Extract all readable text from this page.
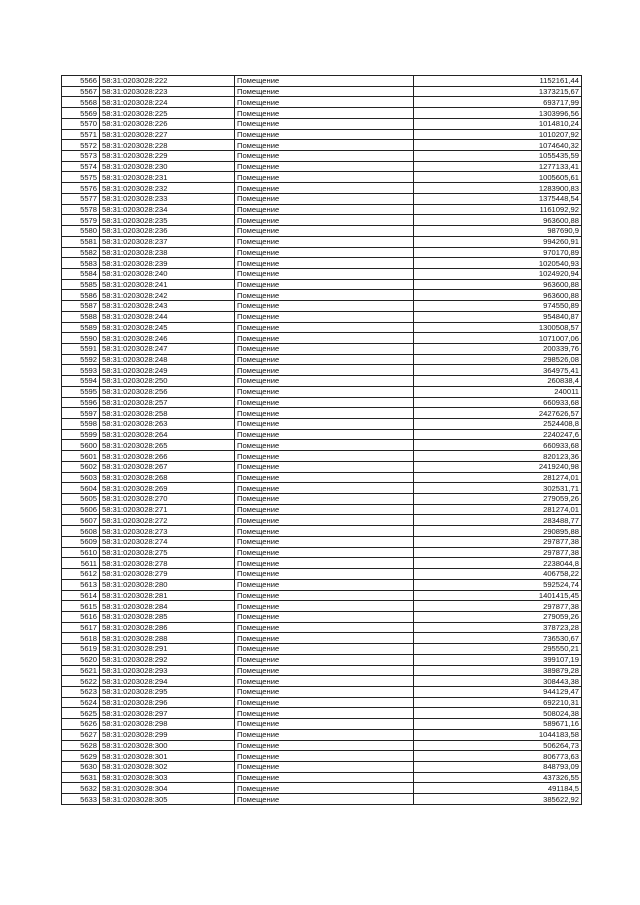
5566	58:31:0203028:222	Помещение	1152161,44
5567	58:31:0203028:223	Помещение	1373215,67
5568	58:31:0203028:224	Помещение	693717,99
5569	58:31:0203028:225	Помещение	1303996,56
5570	58:31:0203028:226	Помещение	1014810,24
5571	58:31:0203028:227	Помещение	1010207,92
5572	58:31:0203028:228	Помещение	1074640,32
5573	58:31:0203028:229	Помещение	1055435,59
5574	58:31:0203028:230	Помещение	1277133,41
5575	58:31:0203028:231	Помещение	1005605,61
5576	58:31:0203028:232	Помещение	1283900,83
5577	58:31:0203028:233	Помещение	1375448,54
5578	58:31:0203028:234	Помещение	1161092,92
5579	58:31:0203028:235	Помещение	963600,88
5580	58:31:0203028:236	Помещение	987690,9
5581	58:31:0203028:237	Помещение	994260,91
5582	58:31:0203028:238	Помещение	970170,89
5583	58:31:0203028:239	Помещение	1020540,93
5584	58:31:0203028:240	Помещение	1024920,94
5585	58:31:0203028:241	Помещение	963600,88
5586	58:31:0203028:242	Помещение	963600,88
5587	58:31:0203028:243	Помещение	974550,89
5588	58:31:0203028:244	Помещение	954840,87
5589	58:31:0203028:245	Помещение	1300508,57
5590	58:31:0203028:246	Помещение	1071007,06
5591	58:31:0203028:247	Помещение	200339,76
5592	58:31:0203028:248	Помещение	298526,08
5593	58:31:0203028:249	Помещение	364975,41
5594	58:31:0203028:250	Помещение	260838,4
5595	58:31:0203028:256	Помещение	240011
5596	58:31:0203028:257	Помещение	660933,68
5597	58:31:0203028:258	Помещение	2427626,57
5598	58:31:0203028:263	Помещение	2524408,8
5599	58:31:0203028:264	Помещение	2240247,6
5600	58:31:0203028:265	Помещение	660933,68
5601	58:31:0203028:266	Помещение	820123,36
5602	58:31:0203028:267	Помещение	2419240,98
5603	58:31:0203028:268	Помещение	281274,01
5604	58:31:0203028:269	Помещение	302531,71
5605	58:31:0203028:270	Помещение	279059,26
5606	58:31:0203028:271	Помещение	281274,01
5607	58:31:0203028:272	Помещение	283488,77
5608	58:31:0203028:273	Помещение	290895,88
5609	58:31:0203028:274	Помещение	297877,38
5610	58:31:0203028:275	Помещение	297877,38
5611	58:31:0203028:278	Помещение	2238044,8
5612	58:31:0203028:279	Помещение	406758,22
5613	58:31:0203028:280	Помещение	592524,74
5614	58:31:0203028:281	Помещение	1401415,45
5615	58:31:0203028:284	Помещение	297877,38
5616	58:31:0203028:285	Помещение	279059,26
5617	58:31:0203028:286	Помещение	378723,28
5618	58:31:0203028:288	Помещение	736530,67
5619	58:31:0203028:291	Помещение	295550,21
5620	58:31:0203028:292	Помещение	399107,19
5621	58:31:0203028:293	Помещение	389879,28
5622	58:31:0203028:294	Помещение	308443,38
5623	58:31:0203028:295	Помещение	944129,47
5624	58:31:0203028:296	Помещение	692210,31
5625	58:31:0203028:297	Помещение	508024,38
5626	58:31:0203028:298	Помещение	589671,16
5627	58:31:0203028:299	Помещение	1044183,58
5628	58:31:0203028:300	Помещение	506264,73
5629	58:31:0203028:301	Помещение	806773,63
5630	58:31:0203028:302	Помещение	848793,09
5631	58:31:0203028:303	Помещение	437326,55
5632	58:31:0203028:304	Помещение	491184,5
5633	58:31:0203028:305	Помещение	385622,92
